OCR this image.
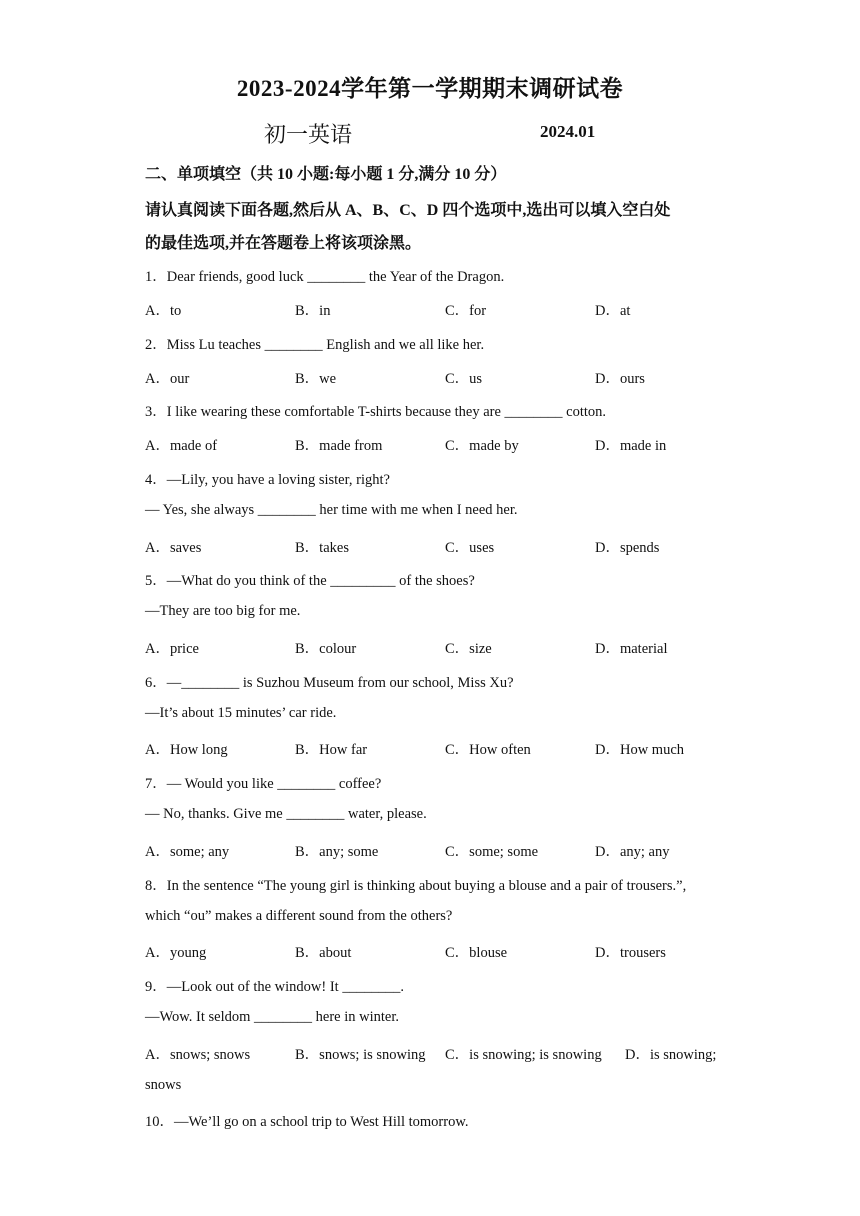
2023-2024学年第一学期期末调研试卷
初一英语	2024.01
二、单项填空（共 10 小题:每小题 1 分,满分 10 分）
请认真阅读下面各题,然后从 A、B、C、D 四个选项中,选出可以填入空白处
的最佳选项,并在答题卷上将该项涂黑。
1．Dear friends, good luck ________ the Year of the Dragon.
A．to	B．in	C．for	D．at
2．Miss Lu teaches ________ English and we all like her.
A．our	B．we	C．us	D．ours
3．I like wearing these comfortable T-shirts because they are ________ cotton.
A．made of	B．made from	C．made by	D．made in
4．—Lily, you have a loving sister, right?
— Yes, she always ________ her time with me when I need her.
A．saves	B．takes	C．uses	D．spends
5．—What do you think of the _________ of the shoes?
—They are too big for me.
A．price	B．colour	C．size	D．material
6．—________ is Suzhou Museum from our school, Miss Xu?
—It’s about 15 minutes’ car ride.
A．How long	B．How far	C．How often	D．How much
7．— Would you like ________ coffee?
— No, thanks. Give me ________ water, please.
A．some; any	B．any; some	C．some; some	D．any; any
8．In the sentence “The young girl is thinking about buying a blouse and a pair of trousers.”,
which “ou” makes a different sound from the others?
A．young	B．about	C．blouse	D．trousers
9．—Look out of the window! It ________.
—Wow. It seldom ________ here in winter.
A．snows; snows	B．snows; is snowing C．is snowing; is snowing D．is snowing;
snows
10．—We’ll go on a school trip to West Hill tomorrow.
